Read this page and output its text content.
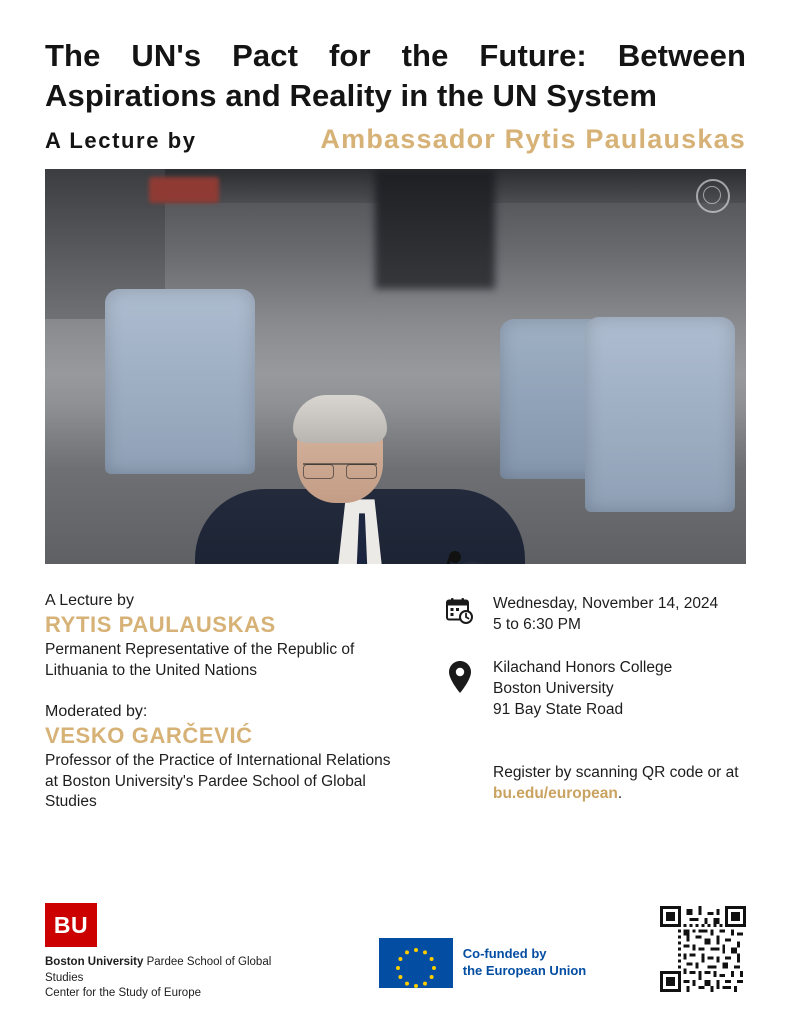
The UN's Pact for the Future: Between
Aspirations and Reality in the UN System
A Lecture by	Ambassador Rytis Paulauskas
A Lecture by
RYTIS PAULAUSKAS
Permanent Representative of the Republic of Lithuania to the United Nations
Moderated by:
VESKO GARČEVIĆ
Professor of the Practice of International Relations at Boston University's Pardee School of Global Studies
Wednesday, November 14, 2024
5 to 6:30 PM
Kilachand Honors College
Boston University
91 Bay State Road
Register by scanning QR code or at bu.edu/european.
BU
Boston University Pardee School of Global Studies
Center for the Study of Europe
Co-funded by
the European Union
